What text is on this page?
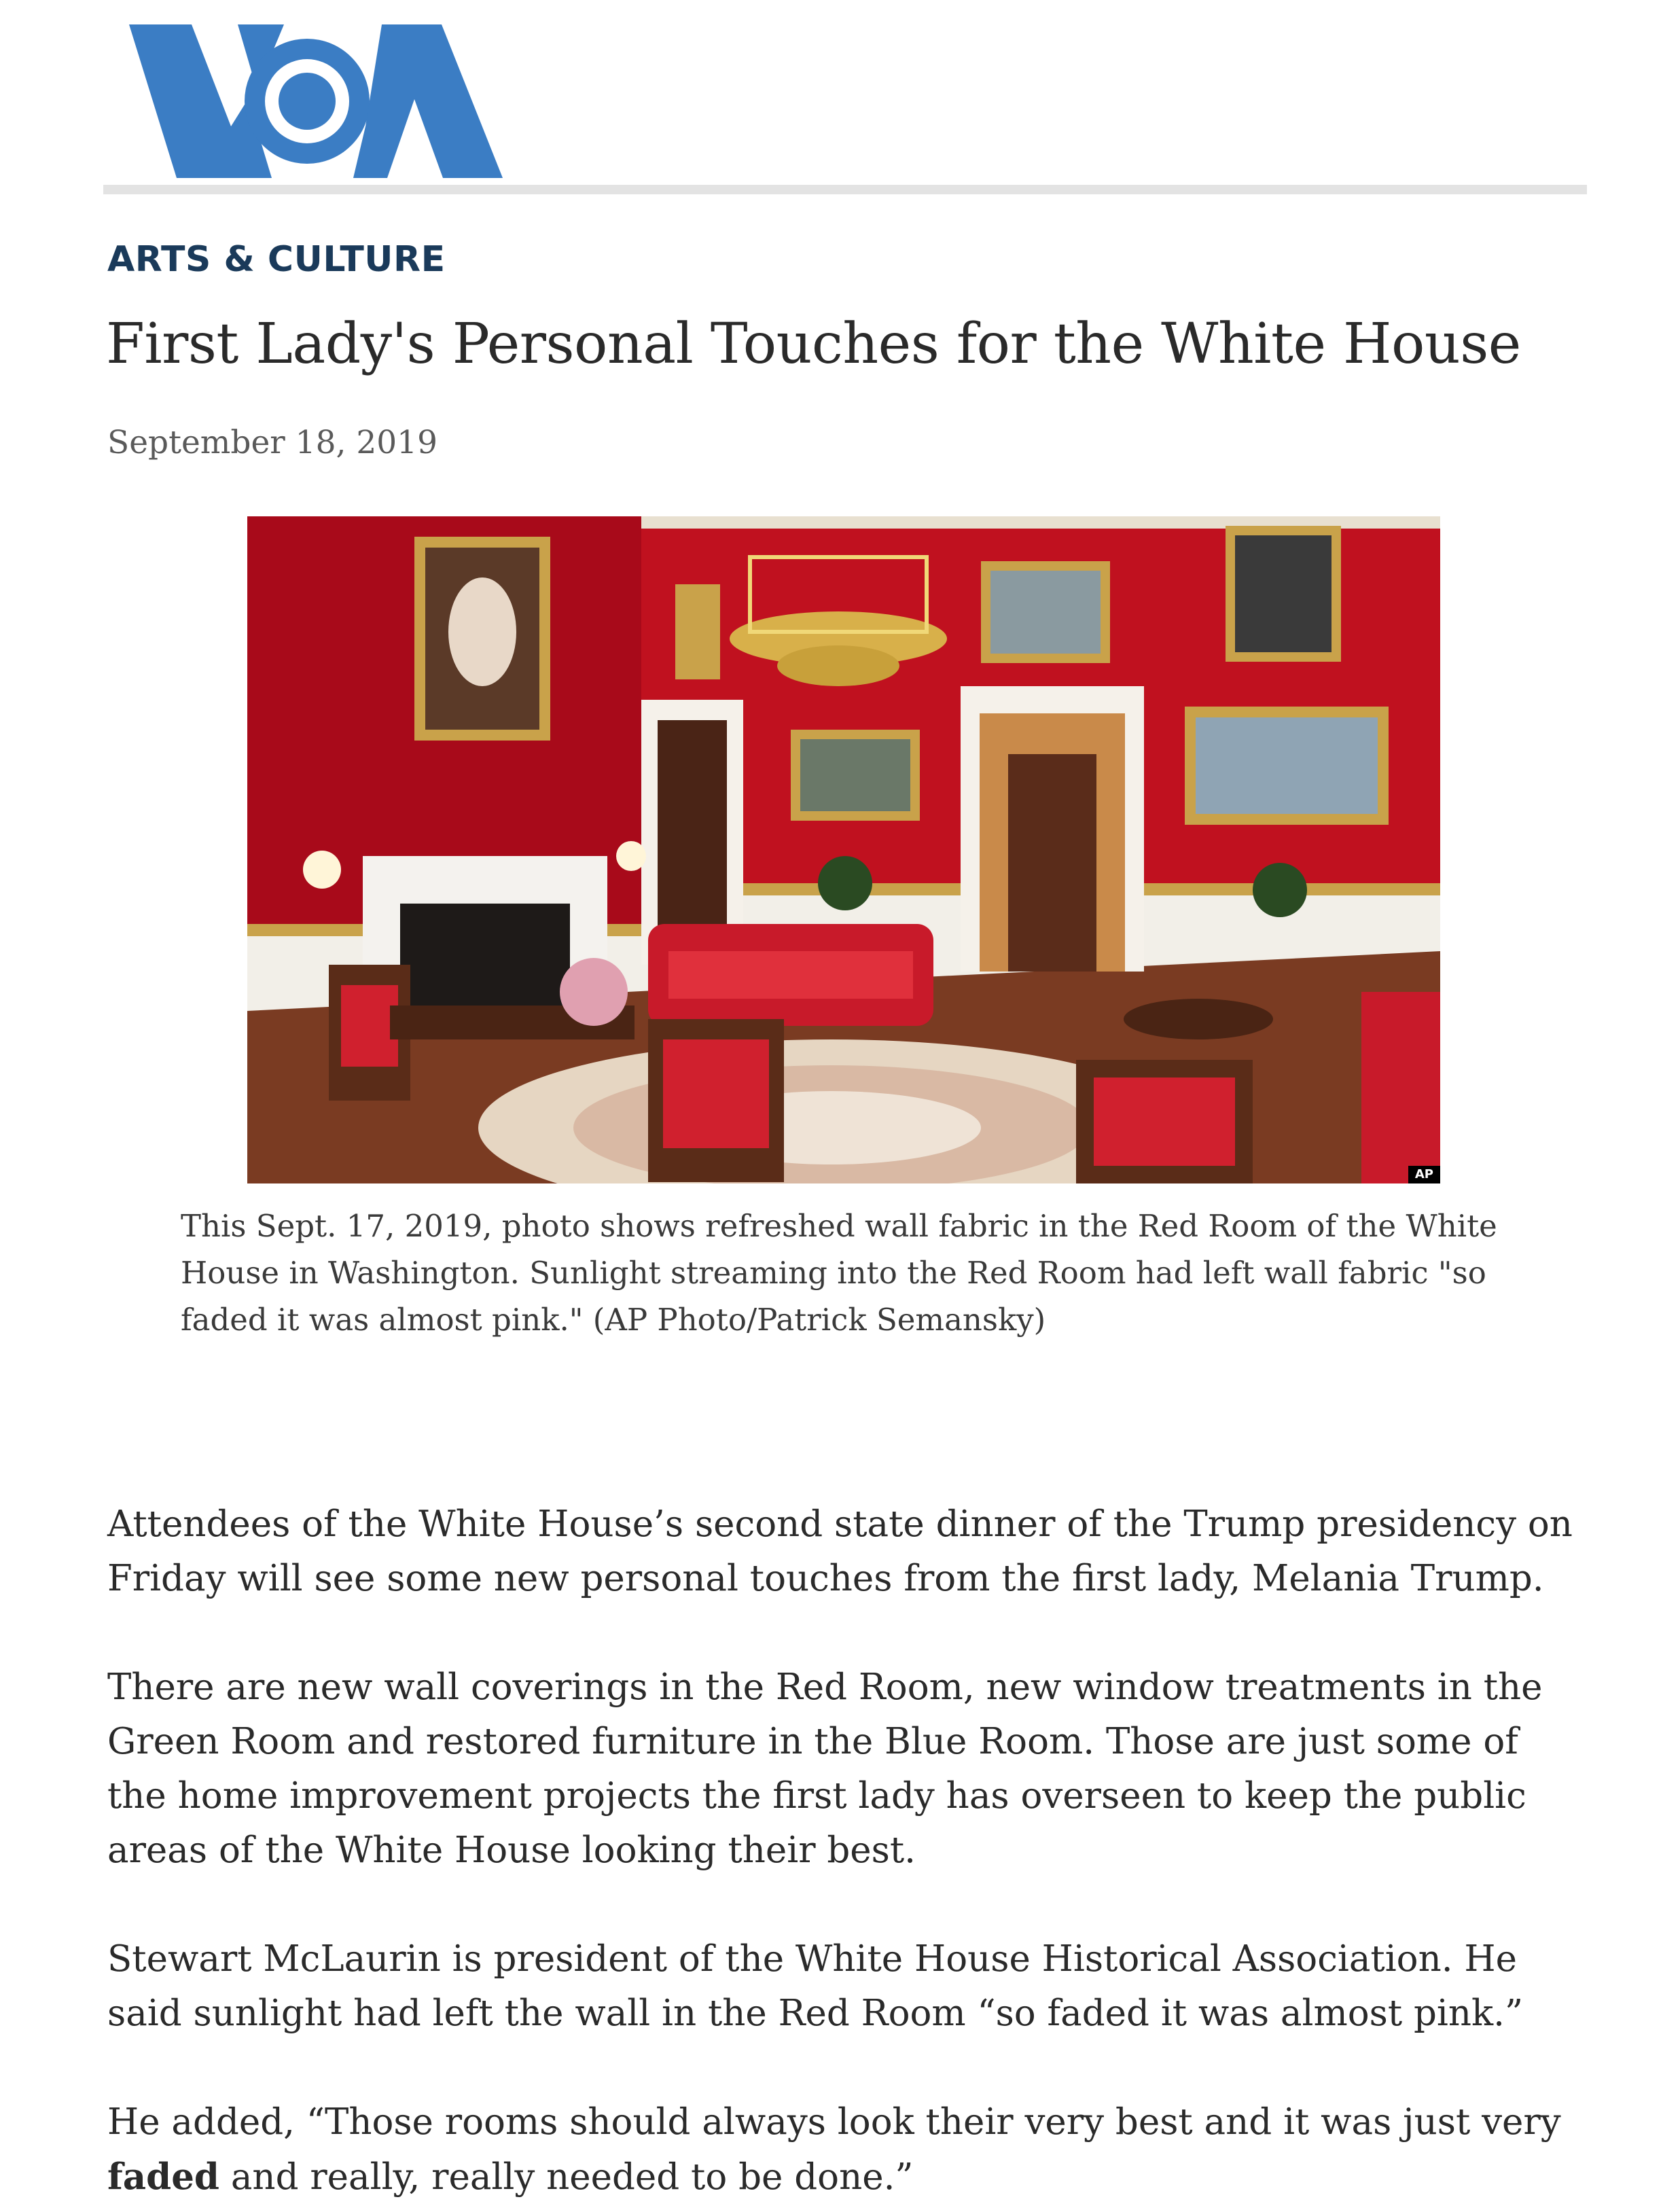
ARTS & CULTURE
First Lady's Personal Touches for the White House
September 18, 2019
AP

This Sept. 17, 2019, photo shows refreshed wall fabric in the Red Room of the White House in Washington. Sunlight streaming into the Red Room had left wall fabric "so faded it was almost pink." (AP Photo/Patrick Semansky)

Attendees of the White House’s second state dinner of the Trump presidency on Friday will see some new personal touches from the first lady, Melania Trump.

There are new wall coverings in the Red Room, new window treatments in the Green Room and restored furniture in the Blue Room. Those are just some of the home improvement projects the first lady has overseen to keep the public areas of the White House looking their best.

Stewart McLaurin is president of the White House Historical Association. He said sunlight had left the wall in the Red Room “so faded it was almost pink.”

He added, “Those rooms should always look their very best and it was just very faded and really, really needed to be done.”
